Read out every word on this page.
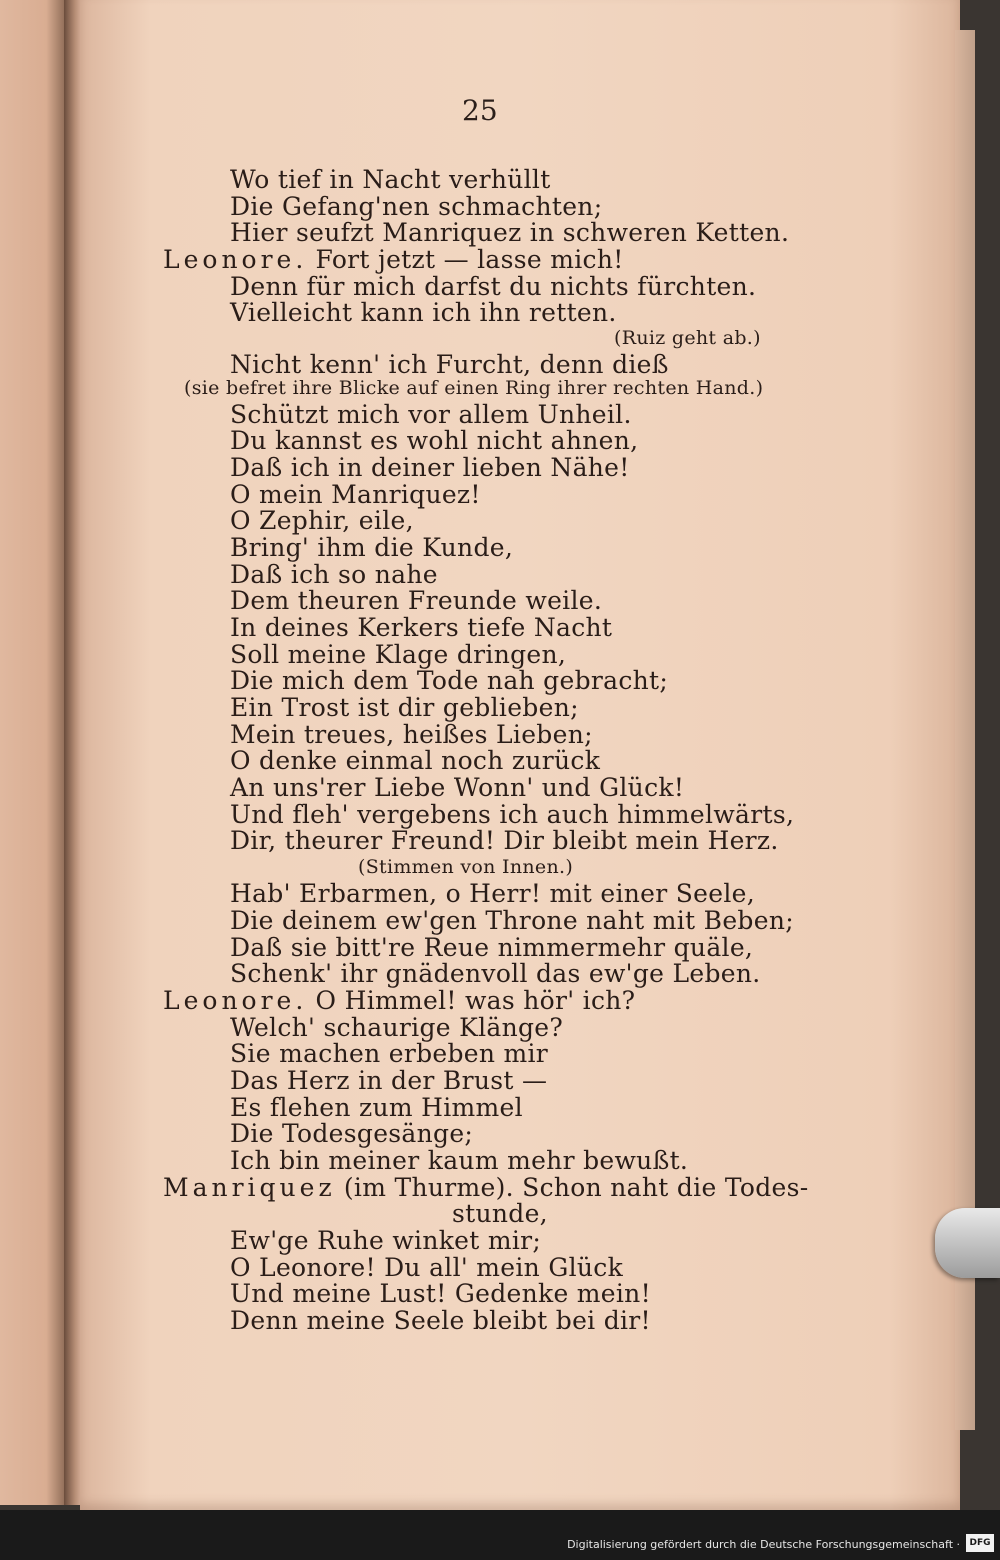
25
Wo tief in Nacht verhüllt
Die Gefang'nen schmachten;
Hier seufzt Manriquez in schweren Ketten.
Leonore. Fort jetzt — lasse mich!
Denn für mich darfst du nichts fürchten.
Vielleicht kann ich ihn retten.
(Ruiz geht ab.)
Nicht kenn' ich Furcht, denn dieß
(sie befret ihre Blicke auf einen Ring ihrer rechten Hand.)
Schützt mich vor allem Unheil.
Du kannst es wohl nicht ahnen,
Daß ich in deiner lieben Nähe!
O mein Manriquez!
O Zephir, eile,
Bring' ihm die Kunde,
Daß ich so nahe
Dem theuren Freunde weile.
In deines Kerkers tiefe Nacht
Soll meine Klage dringen,
Die mich dem Tode nah gebracht;
Ein Trost ist dir geblieben;
Mein treues, heißes Lieben;
O denke einmal noch zurück
An uns'rer Liebe Wonn' und Glück!
Und fleh' vergebens ich auch himmelwärts,
Dir, theurer Freund! Dir bleibt mein Herz.
(Stimmen von Innen.)
Hab' Erbarmen, o Herr! mit einer Seele,
Die deinem ew'gen Throne naht mit Beben;
Daß sie bitt're Reue nimmermehr quäle,
Schenk' ihr gnädenvoll das ew'ge Leben.
Leonore. O Himmel! was hör' ich?
Welch' schaurige Klänge?
Sie machen erbeben mir
Das Herz in der Brust —
Es flehen zum Himmel
Die Todesgesänge;
Ich bin meiner kaum mehr bewußt.
Manriquez (im Thurme). Schon naht die Todes-
stunde,
Ew'ge Ruhe winket mir;
O Leonore! Du all' mein Glück
Und meine Lust! Gedenke mein!
Denn meine Seele bleibt bei dir!
Digitalisierung gefördert durch die Deutsche Forschungsgemeinschaft ·	DFG
